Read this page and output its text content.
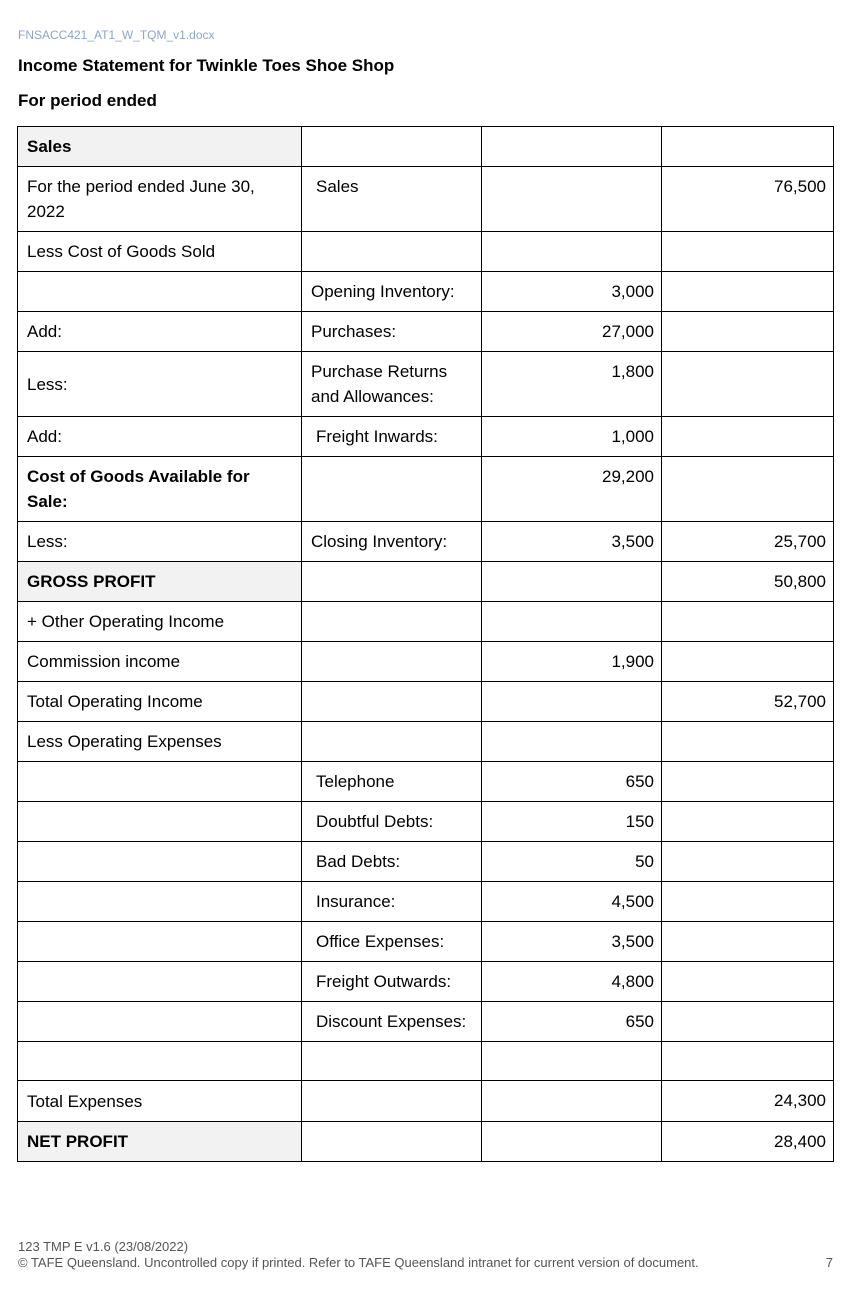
FNSACC421_AT1_W_TQM_v1.docx
Income Statement for Twinkle Toes Shoe Shop
For period ended
Sales			
For the period ended June 30, 2022	Sales		76,500
Less Cost of Goods Sold			
	Opening Inventory:	3,000	
Add:	Purchases:	27,000	
Less:	Purchase Returns and Allowances:	1,800	
Add:	Freight Inwards:	1,000	
Cost of Goods Available for Sale:		29,200	
Less:	Closing Inventory:	3,500	25,700
GROSS PROFIT			50,800
+ Other Operating Income			
Commission income		1,900	
Total Operating Income			52,700
Less Operating Expenses			
	Telephone	650	
	Doubtful Debts:	150	
	Bad Debts:	50	
	Insurance:	4,500	
	Office Expenses:	3,500	
	Freight Outwards:	4,800	
	Discount Expenses:	650	

Total Expenses			24,300
NET PROFIT			28,400
123 TMP E v1.6 (23/08/2022)
© TAFE Queensland. Uncontrolled copy if printed. Refer to TAFE Queensland intranet for current version of document.	7
